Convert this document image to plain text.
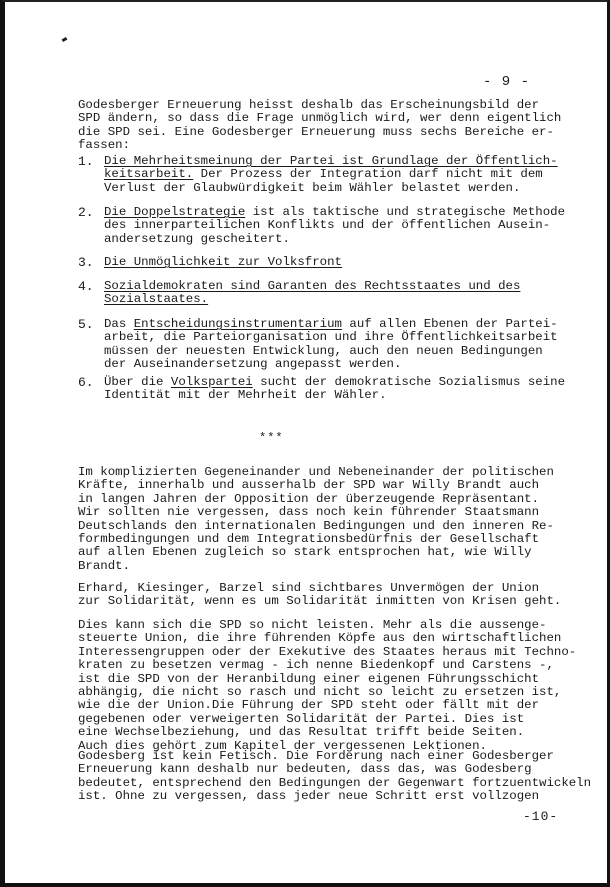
- 9 -

Godesberger Erneuerung heisst deshalb das Erscheinungsbild der
SPD ändern, so dass die Frage unmöglich wird, wer denn eigentlich
die SPD sei. Eine Godesberger Erneuerung muss sechs Bereiche er-
fassen:

1. Die Mehrheitsmeinung der Partei ist Grundlage der Öffentlich-
keitsarbeit. Der Prozess der Integration darf nicht mit dem
Verlust der Glaubwürdigkeit beim Wähler belastet werden.

2. Die Doppelstrategie ist als taktische und strategische Methode
des innerparteilichen Konflikts und der öffentlichen Ausein-
andersetzung gescheitert.

3. Die Unmöglichkeit zur Volksfront

4. Sozialdemokraten sind Garanten des Rechtsstaates und des
Sozialstaates.

5. Das Entscheidungsinstrumentarium auf allen Ebenen der Partei-
arbeit, die Parteiorganisation und ihre Öffentlichkeitsarbeit
müssen der neuesten Entwicklung, auch den neuen Bedingungen
der Auseinandersetzung angepasst werden.

6. Über die Volkspartei sucht der demokratische Sozialismus seine
Identität mit der Mehrheit der Wähler.

***

Im komplizierten Gegeneinander und Nebeneinander der politischen
Kräfte, innerhalb und ausserhalb der SPD war Willy Brandt auch
in langen Jahren der Opposition der überzeugende Repräsentant.
Wir sollten nie vergessen, dass noch kein führender Staatsmann
Deutschlands den internationalen Bedingungen und den inneren Re-
formbedingungen und dem Integrationsbedürfnis der Gesellschaft
auf allen Ebenen zugleich so stark entsprochen hat, wie Willy
Brandt.

Erhard, Kiesinger, Barzel sind sichtbares Unvermögen der Union
zur Solidarität, wenn es um Solidarität inmitten von Krisen geht.

Dies kann sich die SPD so nicht leisten. Mehr als die aussenge-
steuerte Union, die ihre führenden Köpfe aus den wirtschaftlichen
Interessengruppen oder der Exekutive des Staates heraus mit Techno-
kraten zu besetzen vermag - ich nenne Biedenkopf und Carstens -,
ist die SPD von der Heranbildung einer eigenen Führungsschicht
abhängig, die nicht so rasch und nicht so leicht zu ersetzen ist,
wie die der Union.Die Führung der SPD steht oder fällt mit der
gegebenen oder verweigerten Solidarität der Partei. Dies ist
eine Wechselbeziehung, und das Resultat trifft beide Seiten.
Auch dies gehört zum Kapitel der vergessenen Lektionen.

Godesberg ist kein Fetisch. Die Forderung nach einer Godesberger
Erneuerung kann deshalb nur bedeuten, dass das, was Godesberg
bedeutet, entsprechend den Bedingungen der Gegenwart fortzuentwickeln
ist. Ohne zu vergessen, dass jeder neue Schritt erst vollzogen

-10-
